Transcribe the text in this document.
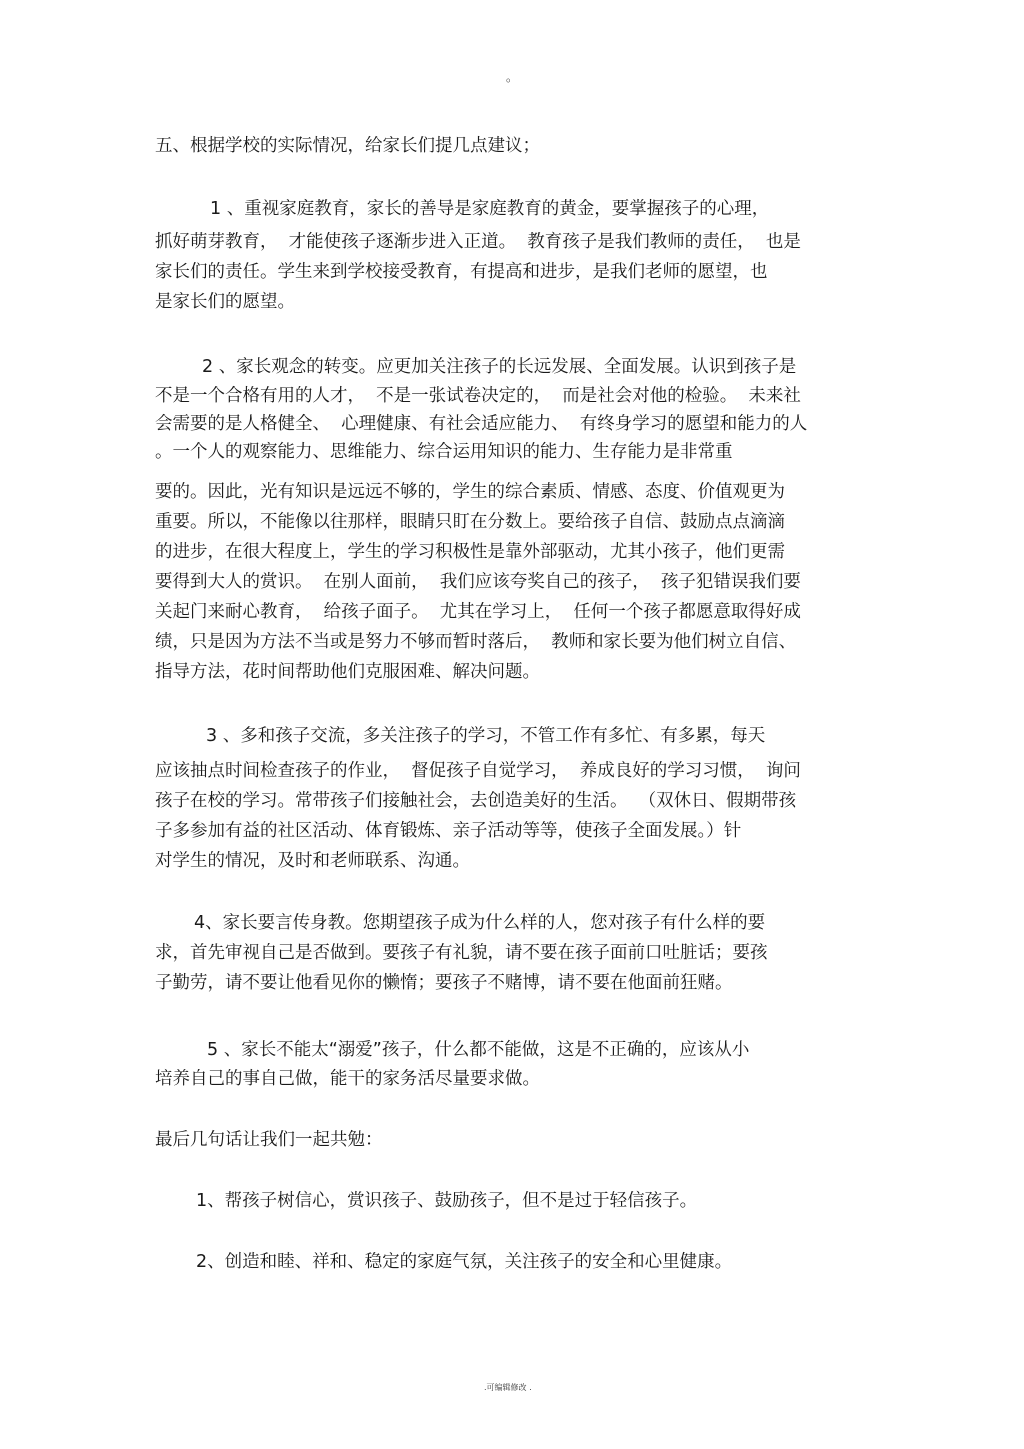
。
五、根据学校的实际情况，给家长们提几点建议；
1 、重视家庭教育，家长的善导是家庭教育的黄金，要掌握孩子的心理，
抓好萌芽教育，  才能使孩子逐渐步进入正道。  教育孩子是我们教师的责任，  也是
家长们的责任。学生来到学校接受教育，有提高和进步，是我们老师的愿望，也
是家长们的愿望。
2 、家长观念的转变。应更加关注孩子的长远发展、全面发展。认识到孩子是
不是一个合格有用的人才，  不是一张试卷决定的，  而是社会对他的检验。  未来社
会需要的是人格健全、  心理健康、有社会适应能力、  有终身学习的愿望和能力的人
。一个人的观察能力、思维能力、综合运用知识的能力、生存能力是非常重
要的。因此，光有知识是远远不够的，学生的综合素质、情感、态度、价值观更为
重要。所以，不能像以往那样，眼睛只盯在分数上。要给孩子自信、鼓励点点滴滴
的进步，在很大程度上，学生的学习积极性是靠外部驱动，尤其小孩子，他们更需
要得到大人的赏识。  在别人面前，  我们应该夸奖自己的孩子，  孩子犯错误我们要
关起门来耐心教育，  给孩子面子。  尤其在学习上，  任何一个孩子都愿意取得好成
绩，只是因为方法不当或是努力不够而暂时落后，  教师和家长要为他们树立自信、
指导方法，花时间帮助他们克服困难、解决问题。
3 、多和孩子交流，多关注孩子的学习，不管工作有多忙、有多累，每天
应该抽点时间检查孩子的作业，  督促孩子自觉学习，  养成良好的学习习惯，  询问
孩子在校的学习。常带孩子们接触社会，去创造美好的生活。  （双休日、假期带孩
子多参加有益的社区活动、体育锻炼、亲子活动等等，使孩子全面发展。）针
对学生的情况，及时和老师联系、沟通。
4、家长要言传身教。您期望孩子成为什么样的人，您对孩子有什么样的要
求，首先审视自己是否做到。要孩子有礼貌，请不要在孩子面前口吐脏话；要孩
子勤劳，请不要让他看见你的懒惰；要孩子不赌博，请不要在他面前狂赌。
5 、家长不能太“溺爱”孩子，什么都不能做，这是不正确的，应该从小
培养自己的事自己做，能干的家务活尽量要求做。
最后几句话让我们一起共勉：
1、帮孩子树信心，赏识孩子、鼓励孩子，但不是过于轻信孩子。
2、创造和睦、祥和、稳定的家庭气氛，关注孩子的安全和心里健康。
.可编辑修改 .
